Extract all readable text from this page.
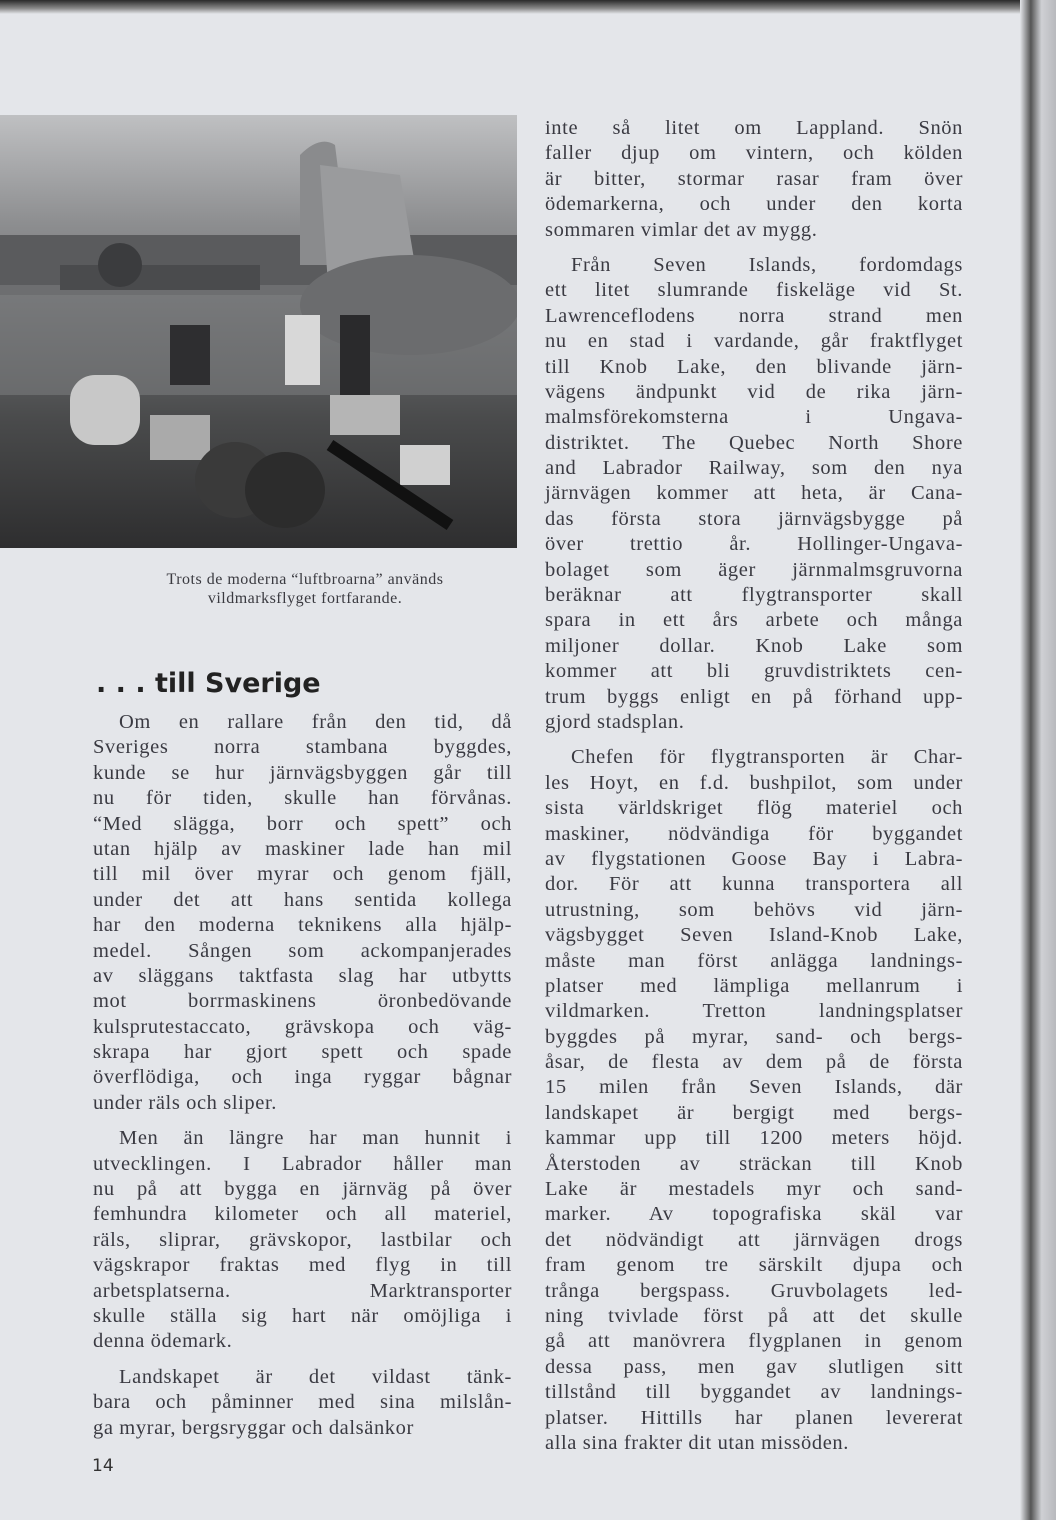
Trots de moderna “luftbroarna” används
vildmarksflyget fortfarande.
. . . till Sverige
Om en rallare från den tid, då
Sveriges norra stambana byggdes,
kunde se hur järnvägsbyggen går till
nu för tiden, skulle han förvånas.
“Med slägga, borr och spett” och
utan hjälp av maskiner lade han mil
till mil över myrar och genom fjäll,
under det att hans sentida kollega
har den moderna teknikens alla hjälp-
medel. Sången som ackompanjerades
av släggans taktfasta slag har utbytts
mot borrmaskinens öronbedövande
kulsprutestaccato, grävskopa och väg-
skrapa har gjort spett och spade
överflödiga, och inga ryggar bågnar
under räls och sliper.
Men än längre har man hunnit i
utvecklingen. I Labrador håller man
nu på att bygga en järnväg på över
femhundra kilometer och all materiel,
räls, sliprar, grävskopor, lastbilar och
vägskrapor fraktas med flyg in till
arbetsplatserna. Marktransporter
skulle ställa sig hart när omöjliga i
denna ödemark.
Landskapet är det vildast tänk-
bara och påminner med sina milslån-
ga myrar, bergsryggar och dalsänkor
inte så litet om Lappland. Snön
faller djup om vintern, och kölden
är bitter, stormar rasar fram över
ödemarkerna, och under den korta
sommaren vimlar det av mygg.
Från Seven Islands, fordomdags
ett litet slumrande fiskeläge vid St.
Lawrenceflodens norra strand men
nu en stad i vardande, går fraktflyget
till Knob Lake, den blivande järn-
vägens ändpunkt vid de rika järn-
malmsförekomsterna i Ungava-
distriktet. The Quebec North Shore
and Labrador Railway, som den nya
järnvägen kommer att heta, är Cana-
das första stora järnvägsbygge på
över trettio år. Hollinger-Ungava-
bolaget som äger järnmalmsgruvorna
beräknar att flygtransporter skall
spara in ett års arbete och många
miljoner dollar. Knob Lake som
kommer att bli gruvdistriktets cen-
trum byggs enligt en på förhand upp-
gjord stadsplan.
Chefen för flygtransporten är Char-
les Hoyt, en f.d. bushpilot, som under
sista världskriget flög materiel och
maskiner, nödvändiga för byggandet
av flygstationen Goose Bay i Labra-
dor. För att kunna transportera all
utrustning, som behövs vid järn-
vägsbygget Seven Island-Knob Lake,
måste man först anlägga landnings-
platser med lämpliga mellanrum i
vildmarken. Tretton landningsplatser
byggdes på myrar, sand- och bergs-
åsar, de flesta av dem på de första
15 milen från Seven Islands, där
landskapet är bergigt med bergs-
kammar upp till 1200 meters höjd.
Återstoden av sträckan till Knob
Lake är mestadels myr och sand-
marker. Av topografiska skäl var
det nödvändigt att järnvägen drogs
fram genom tre särskilt djupa och
trånga bergspass. Gruvbolagets led-
ning tvivlade först på att det skulle
gå att manövrera flygplanen in genom
dessa pass, men gav slutligen sitt
tillstånd till byggandet av landnings-
platser. Hittills har planen levererat
alla sina frakter dit utan missöden.
14
